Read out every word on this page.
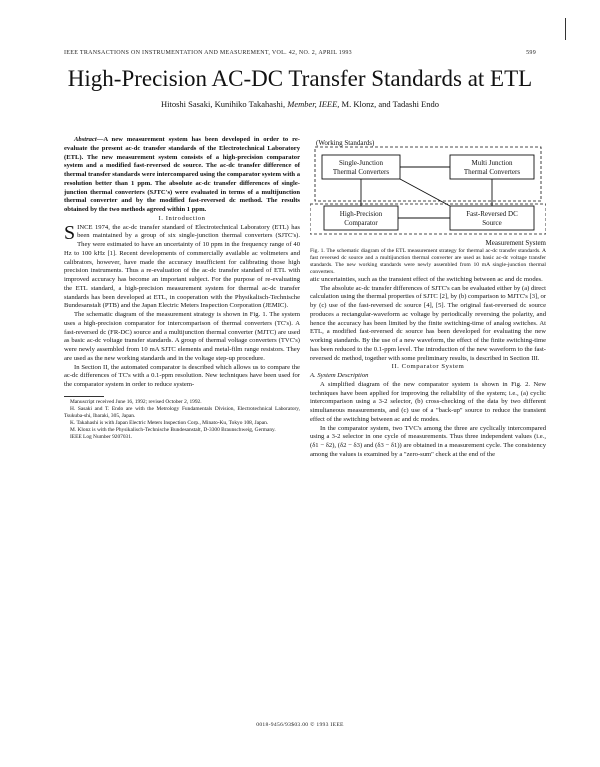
IEEE TRANSACTIONS ON INSTRUMENTATION AND MEASUREMENT, VOL. 42, NO. 2, APRIL 1993	599
High-Precision AC-DC Transfer Standards at ETL
Hitoshi Sasaki, Kunihiko Takahashi, Member, IEEE, M. Klonz, and Tadashi Endo

Abstract—A new measurement system has been developed in order to re-evaluate the present ac-dc transfer standards of the Electrotechnical Laboratory (ETL). The new measurement system consists of a high-precision comparator system and a modified fast-reversed dc source. The ac-dc transfer difference of thermal transfer standards were intercompared using the comparator system with a resolution better than 1 ppm. The absolute ac-dc transfer differences of single-junction thermal converters (SJTC's) were evaluated in terms of a multijunction thermal converter and by the modified fast-reversed dc method. The results obtained by the two methods agreed within 1 ppm.

I. Introduction

SINCE 1974, the ac-dc transfer standard of Electrotechnical Laboratory (ETL) has been maintained by a group of six single-junction thermal converters (SJTC's). They were estimated to have an uncertainty of 10 ppm in the frequency range of 40 Hz to 100 kHz [1]. Recent developments of commercially available ac voltmeters and calibrators, however, have made the accuracy insufficient for calibrating those high precision instruments. Thus a re-evaluation of the ac-dc transfer standard of ETL with improved accuracy has become an important subject. For the purpose of re-evaluating the ETL standard, a high-precision measurement system for thermal ac-dc transfer standards has been developed at ETL, in cooperation with the Physikalisch-Technische Bundesanstalt (PTB) and the Japan Electric Meters Inspection Corporation (JEMIC).

The schematic diagram of the measurement strategy is shown in Fig. 1. The system uses a high-precision comparator for intercomparison of thermal converters (TC's). A fast-reversed dc (FR-DC) source and a multijunction thermal converter (MJTC) are used as basic ac-dc voltage transfer standards. A group of thermal voltage converters (TVC's) were newly assembled from 10 mA SJTC elements and metal-film range resistors. They are used as the new working standards and in the voltage step-up procedure.

In Section II, the automated comparator is described which allows us to compare the ac-dc differences of TC's with a 0.1-ppm resolution. New techniques have been used for the comparator system in order to reduce system-

Manuscript received June 16, 1992; revised October 2, 1992.

H. Sasaki and T. Endo are with the Metrology Fundamentals Division, Electrotechnical Laboratory, Tsukuba-shi, Ibaraki, 305, Japan.

K. Takahashi is with Japan Electric Meters Inspection Corp., Minato-Ku, Tokyo 108, Japan.

M. Klonz is with the Physikalisch-Technische Bundesanstalt, D-3300 Braunschweig, Germany.

IEEE Log Number 9207031.

(Working Standards)
Single-Junction
Thermal Converters
Multi Junction
Thermal Converters
High-Precision
Comparator
Fast-Reversed DC
Source
Measurement System

Fig. 1. The schematic diagram of the ETL measurement strategy for thermal ac-dc transfer standards. A fast reversed dc source and a multijunction thermal converter are used as basic ac-dc voltage transfer standards. The new working standards were newly assembled from 10 mA single-junction thermal converters.

atic uncertainties, such as the transient effect of the switching between ac and dc modes.

The absolute ac-dc transfer differences of SJTC's can be evaluated either by (a) direct calculation using the thermal properties of SJTC [2], by (b) comparison to MJTC's [3], or by (c) use of the fast-reversed dc source [4], [5]. The original fast-reversed dc source produces a rectangular-waveform ac voltage by periodically reversing the polarity, and hence the accuracy has been limited by the finite switching-time of analog switches. At ETL, a modified fast-reversed dc source has been developed for evaluating the new working standards. By the use of a new waveform, the effect of the finite switching-time has been reduced to the 0.1-ppm level. The introduction of the new waveform to the fast-reversed dc method, together with some preliminary results, is described in Section III.

II. Comparator System

A. System Description

A simplified diagram of the new comparator system is shown in Fig. 2. New techniques have been applied for improving the reliability of the system; i.e., (a) cyclic intercomparison using a 3-2 selector, (b) cross-checking of the data by two different simultaneous measurements, and (c) use of a "back-up" source to reduce the transient effect of the switching between ac and dc modes.

In the comparator system, two TVC's among the three are cyclically intercompared using a 3-2 selector in one cycle of measurements. Thus three independent values (i.e., (δ1 − δ2), (δ2 − δ3) and (δ3 − δ1)) are obtained in a measurement cycle. The consistency among the values is examined by a "zero-sum" check at the end of the

0018-9456/93$03.00 © 1993 IEEE
